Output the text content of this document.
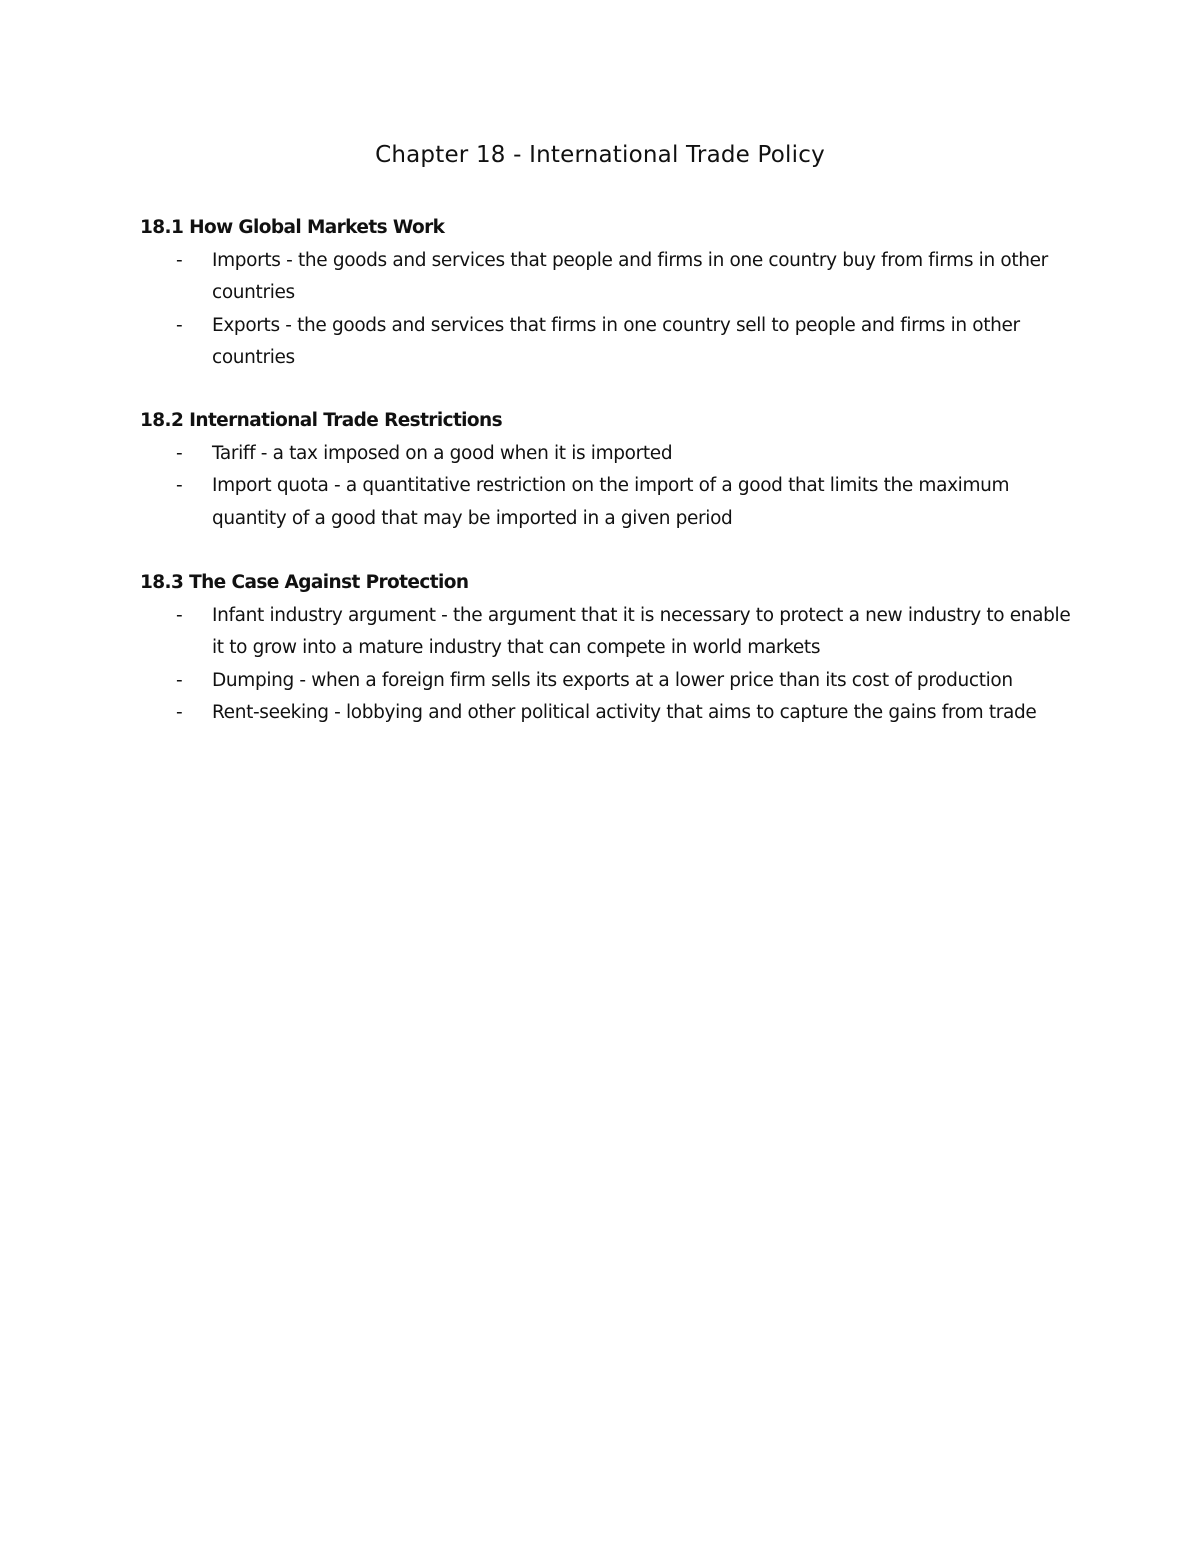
Chapter 18 - International Trade Policy
18.1 How Global Markets Work
- Imports - the goods and services that people and firms in one country buy from firms in other countries
- Exports - the goods and services that firms in one country sell to people and firms in other countries
18.2 International Trade Restrictions
- Tariff - a tax imposed on a good when it is imported
- Import quota - a quantitative restriction on the import of a good that limits the maximum quantity of a good that may be imported in a given period
18.3 The Case Against Protection
- Infant industry argument - the argument that it is necessary to protect a new industry to enable it to grow into a mature industry that can compete in world markets
- Dumping - when a foreign firm sells its exports at a lower price than its cost of production
- Rent-seeking - lobbying and other political activity that aims to capture the gains from trade
